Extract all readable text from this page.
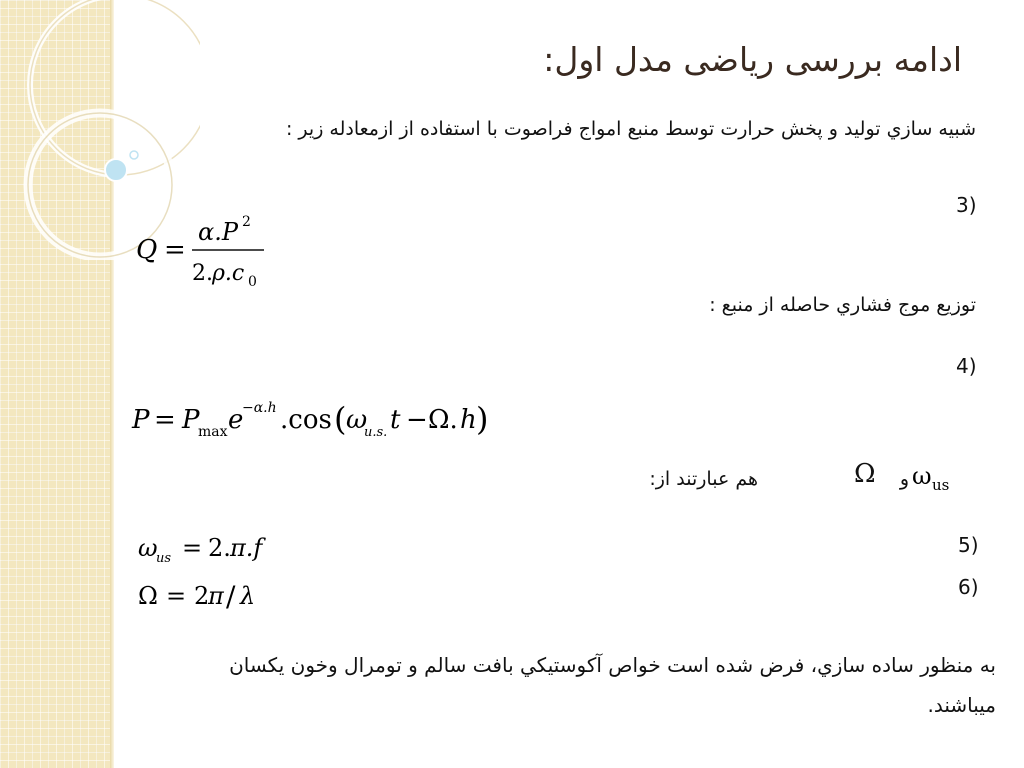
ادامه بررسی ریاضی مدل اول:
شبيه سازي توليد و پخش حرارت توسط منبع امواج فراصوت با استفاده از ازمعادله زير :
3)
Q =
α.P 2
2. ρ.c 0
توزيع موج فشاري حاصله از منبع :
4)
P = P
max e
−α.h .cos ( ω
u.s. t − Ω. h )
هم عبارتند از:	Ω و ω us
5)
6)
ω
us = 2. π.f
Ω = 2
π / λ
به منظور ساده سازي، فرض شده است خواص آکوستيکي بافت سالم و تومرال وخون يکسان
ميباشند.
